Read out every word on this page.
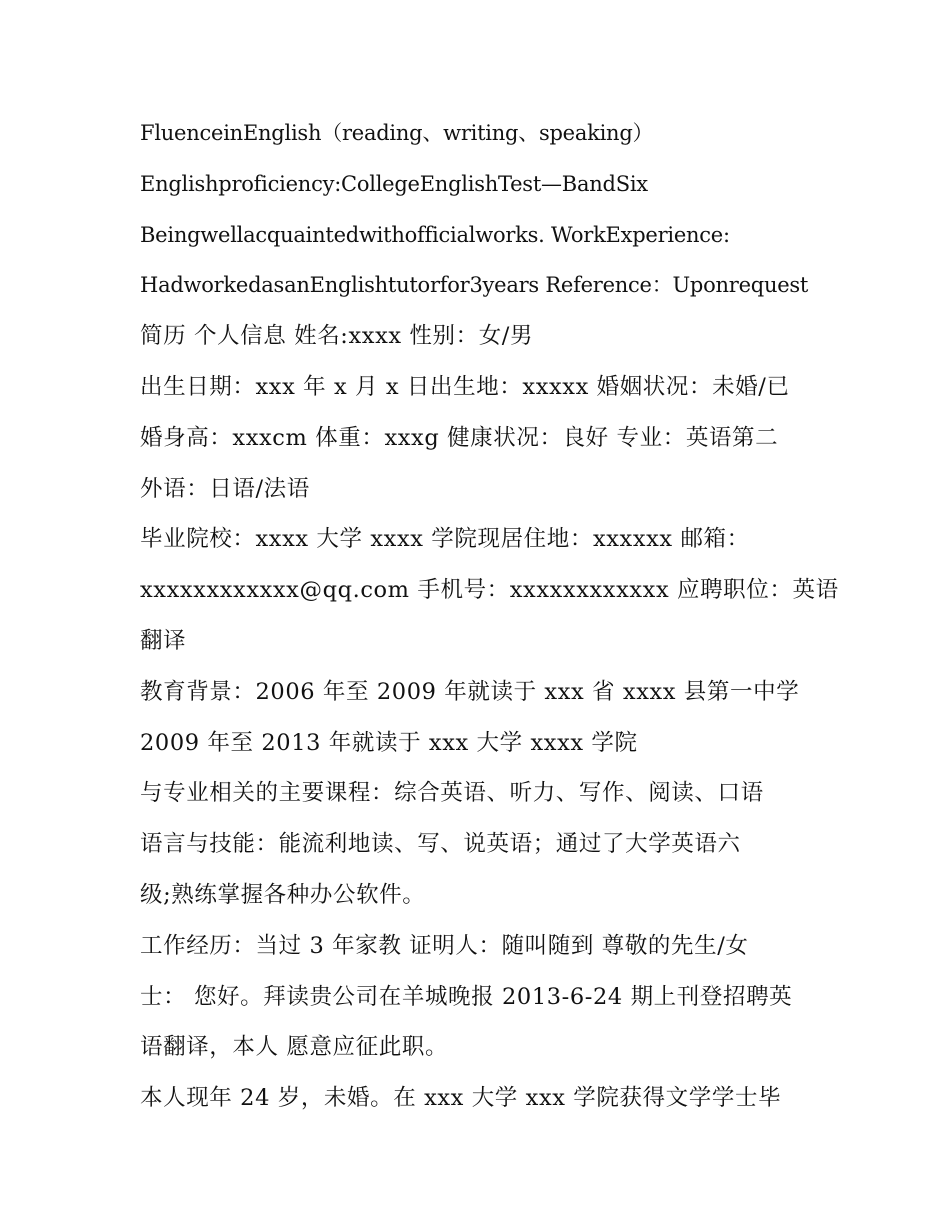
FluenceinEnglish（reading、writing、speaking）
Englishproficiency:CollegeEnglishTest—BandSix
Beingwellacquaintedwithofficialworks. WorkExperience:
HadworkedasanEnglishtutorfor3years Reference：Uponrequest
简历 个人信息 姓名:xxxx 性别：女/男
出生日期：xxx 年 x 月 x 日出生地：xxxxx 婚姻状况：未婚/已
婚身高：xxxcm 体重：xxxg 健康状况：良好 专业：英语第二
外语：日语/法语
毕业院校：xxxx 大学 xxxx 学院现居住地：xxxxxx 邮箱：
xxxxxxxxxxxx@qq.com 手机号：xxxxxxxxxxxx 应聘职位：英语
翻译
教育背景：2006 年至 2009 年就读于 xxx 省 xxxx 县第一中学
2009 年至 2013 年就读于 xxx 大学 xxxx 学院
与专业相关的主要课程：综合英语、听力、写作、阅读、口语
语言与技能：能流利地读、写、说英语；通过了大学英语六
级;熟练掌握各种办公软件。
工作经历：当过 3 年家教 证明人：随叫随到 尊敬的先生/女
士： 您好。拜读贵公司在羊城晚报 2013-6-24 期上刊登招聘英
语翻译，本人 愿意应征此职。
本人现年 24 岁，未婚。在 xxx 大学 xxx 学院获得文学学士毕
